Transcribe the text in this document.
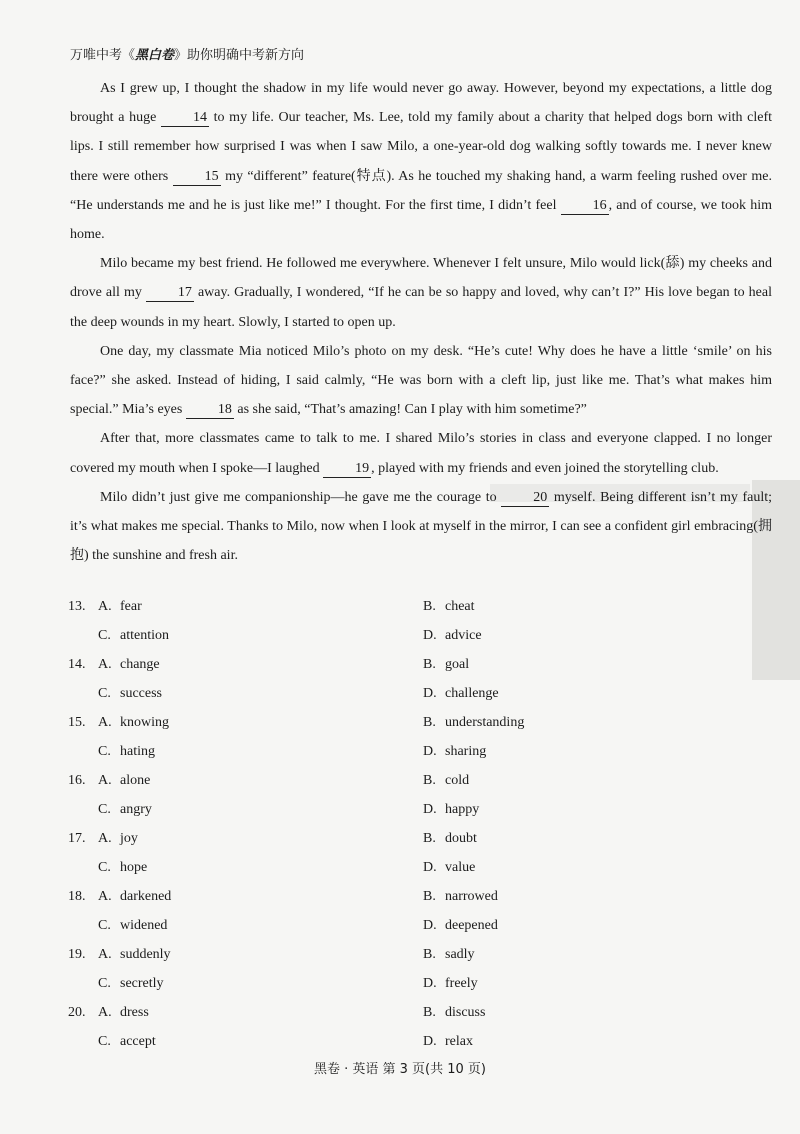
万唯中考《黑白卷》助你明确中考新方向

As I grew up, I thought the shadow in my life would never go away. However, beyond my expectations, a little dog brought a huge 14 to my life. Our teacher, Ms. Lee, told my family about a charity that helped dogs born with cleft lips. I still remember how surprised I was when I saw Milo, a one-year-old dog walking softly towards me. I never knew there were others 15 my “different” feature(特点). As he touched my shaking hand, a warm feeling rushed over me. “He understands me and he is just like me!” I thought. For the first time, I didn’t feel 16 , and of course, we took him home.

Milo became my best friend. He followed me everywhere. Whenever I felt unsure, Milo would lick(舔) my cheeks and drove all my 17 away. Gradually, I wondered, “If he can be so happy and loved, why can’t I?” His love began to heal the deep wounds in my heart. Slowly, I started to open up.

One day, my classmate Mia noticed Milo’s photo on my desk. “He’s cute! Why does he have a little ‘smile’ on his face?” she asked. Instead of hiding, I said calmly, “He was born with a cleft lip, just like me. That’s what makes him special.” Mia’s eyes 18 as she said, “That’s amazing! Can I play with him sometime?”

After that, more classmates came to talk to me. I shared Milo’s stories in class and everyone clapped. I no longer covered my mouth when I spoke—I laughed 19 , played with my friends and even joined the storytelling club.

Milo didn’t just give me companionship—he gave me the courage to 20 myself. Being different isn’t my fault; it’s what makes me special. Thanks to Milo, now when I look at myself in the mirror, I can see a confident girl embracing(拥抱) the sunshine and fresh air.

13. A. fear	B. cheat
C. attention	D. advice
14. A. change	B. goal
C. success	D. challenge
15. A. knowing	B. understanding
C. hating	D. sharing
16. A. alone	B. cold
C. angry	D. happy
17. A. joy	B. doubt
C. hope	D. value
18. A. darkened	B. narrowed
C. widened	D. deepened
19. A. suddenly	B. sadly
C. secretly	D. freely
20. A. dress	B. discuss
C. accept	D. relax
黑卷 · 英语 第 3 页(共 10 页)
